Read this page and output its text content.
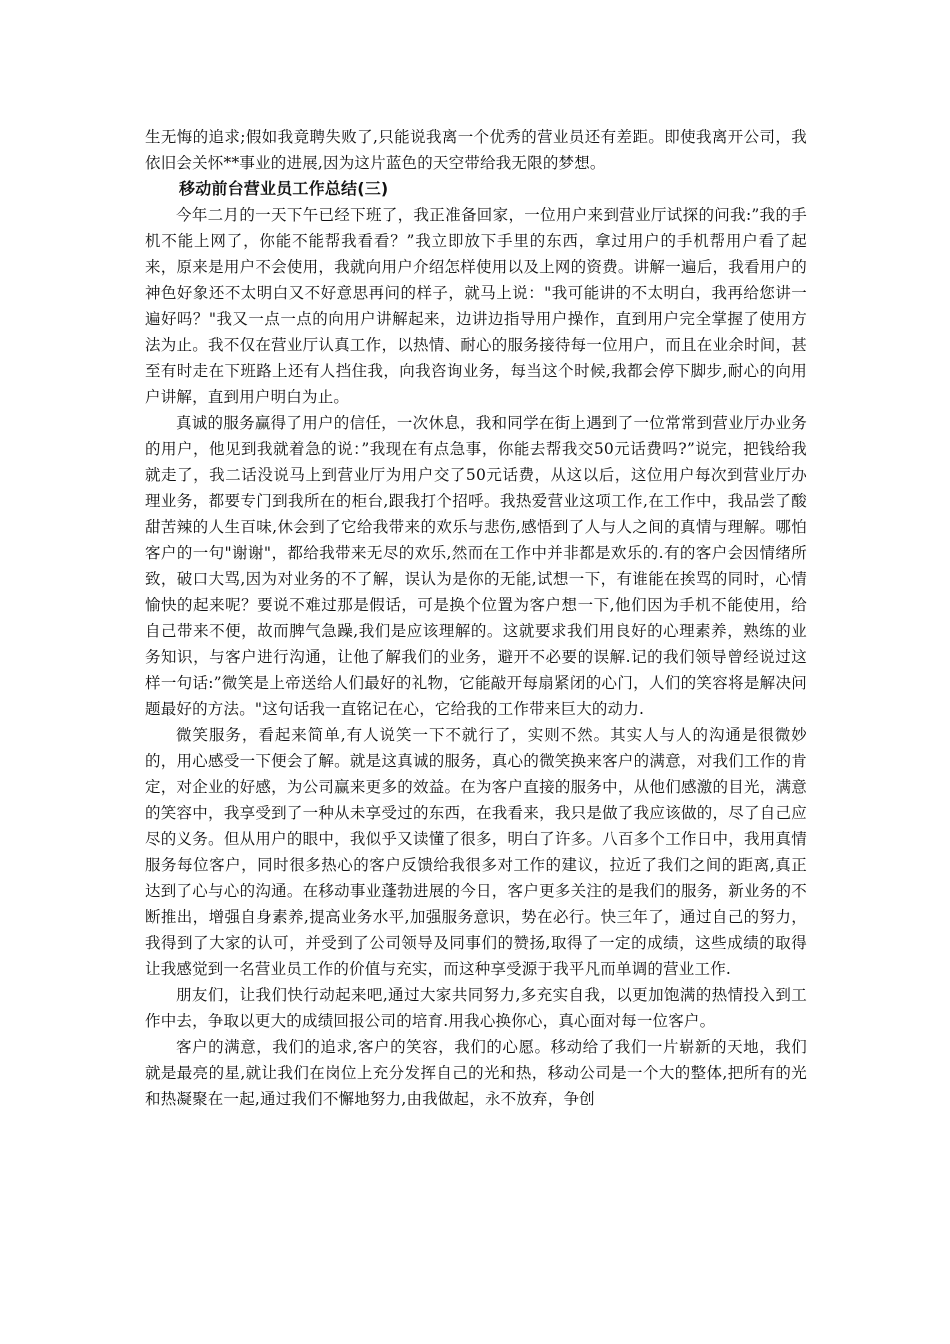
生无悔的追求;假如我竟聘失败了,只能说我离一个优秀的营业员还有差距。即使我离开公司，我依旧会关怀**事业的进展,因为这片蓝色的天空带给我无限的梦想。

移动前台营业员工作总结(三)

今年二月的一天下午已经下班了，我正准备回家，一位用户来到营业厅试探的问我:”我的手机不能上网了，你能不能帮我看看？”我立即放下手里的东西，拿过用户的手机帮用户看了起来，原来是用户不会使用，我就向用户介绍怎样使用以及上网的资费。讲解一遍后，我看用户的神色好象还不太明白又不好意思再问的样子，就马上说："我可能讲的不太明白，我再给您讲一遍好吗？"我又一点一点的向用户讲解起来，边讲边指导用户操作，直到用户完全掌握了使用方法为止。我不仅在营业厅认真工作，以热情、耐心的服务接待每一位用户，而且在业余时间，甚至有时走在下班路上还有人挡住我，向我咨询业务，每当这个时候,我都会停下脚步,耐心的向用户讲解，直到用户明白为止。

真诚的服务赢得了用户的信任，一次休息，我和同学在街上遇到了一位常常到营业厅办业务的用户，他见到我就着急的说：”我现在有点急事，你能去帮我交50元话费吗?”说完，把钱给我就走了，我二话没说马上到营业厅为用户交了50元话费，从这以后，这位用户每次到营业厅办理业务，都要专门到我所在的柜台,跟我打个招呼。我热爱营业这项工作,在工作中，我品尝了酸甜苦辣的人生百味,休会到了它给我带来的欢乐与悲伤,感悟到了人与人之间的真情与理解。哪怕客户的一句"谢谢"，都给我带来无尽的欢乐,然而在工作中并非都是欢乐的.有的客户会因情绪所致，破口大骂,因为对业务的不了解，误认为是你的无能,试想一下，有谁能在挨骂的同时，心情愉快的起来呢？要说不难过那是假话，可是换个位置为客户想一下,他们因为手机不能使用，给自己带来不便，故而脾气急躁,我们是应该理解的。这就要求我们用良好的心理素养，熟练的业务知识，与客户进行沟通，让他了解我们的业务，避开不必要的误解.记的我们领导曾经说过这样一句话:”微笑是上帝送给人们最好的礼物，它能敲开每扇紧闭的心门，人们的笑容将是解决问题最好的方法。"这句话我一直铭记在心，它给我的工作带来巨大的动力.

微笑服务，看起来简单,有人说笑一下不就行了，实则不然。其实人与人的沟通是很微妙的，用心感受一下便会了解。就是这真诚的服务，真心的微笑换来客户的满意，对我们工作的肯定，对企业的好感，为公司赢来更多的效益。在为客户直接的服务中，从他们感激的目光，满意的笑容中，我享受到了一种从未享受过的东西，在我看来，我只是做了我应该做的，尽了自己应尽的义务。但从用户的眼中，我似乎又读懂了很多，明白了许多。八百多个工作日中，我用真情服务每位客户，同时很多热心的客户反馈给我很多对工作的建议，拉近了我们之间的距离,真正达到了心与心的沟通。在移动事业蓬勃进展的今日，客户更多关注的是我们的服务，新业务的不断推出，增强自身素养,提高业务水平,加强服务意识，势在必行。快三年了，通过自己的努力，我得到了大家的认可，并受到了公司领导及同事们的赞扬,取得了一定的成绩，这些成绩的取得让我感觉到一名营业员工作的价值与充实，而这种享受源于我平凡而单调的营业工作.

朋友们，让我们快行动起来吧,通过大家共同努力,多充实自我，以更加饱满的热情投入到工作中去，争取以更大的成绩回报公司的培育.用我心换你心，真心面对每一位客户。

客户的满意，我们的追求,客户的笑容，我们的心愿。移动给了我们一片崭新的天地，我们就是最亮的星,就让我们在岗位上充分发挥自己的光和热，移动公司是一个大的整体,把所有的光和热凝聚在一起,通过我们不懈地努力,由我做起，永不放弃，争创
